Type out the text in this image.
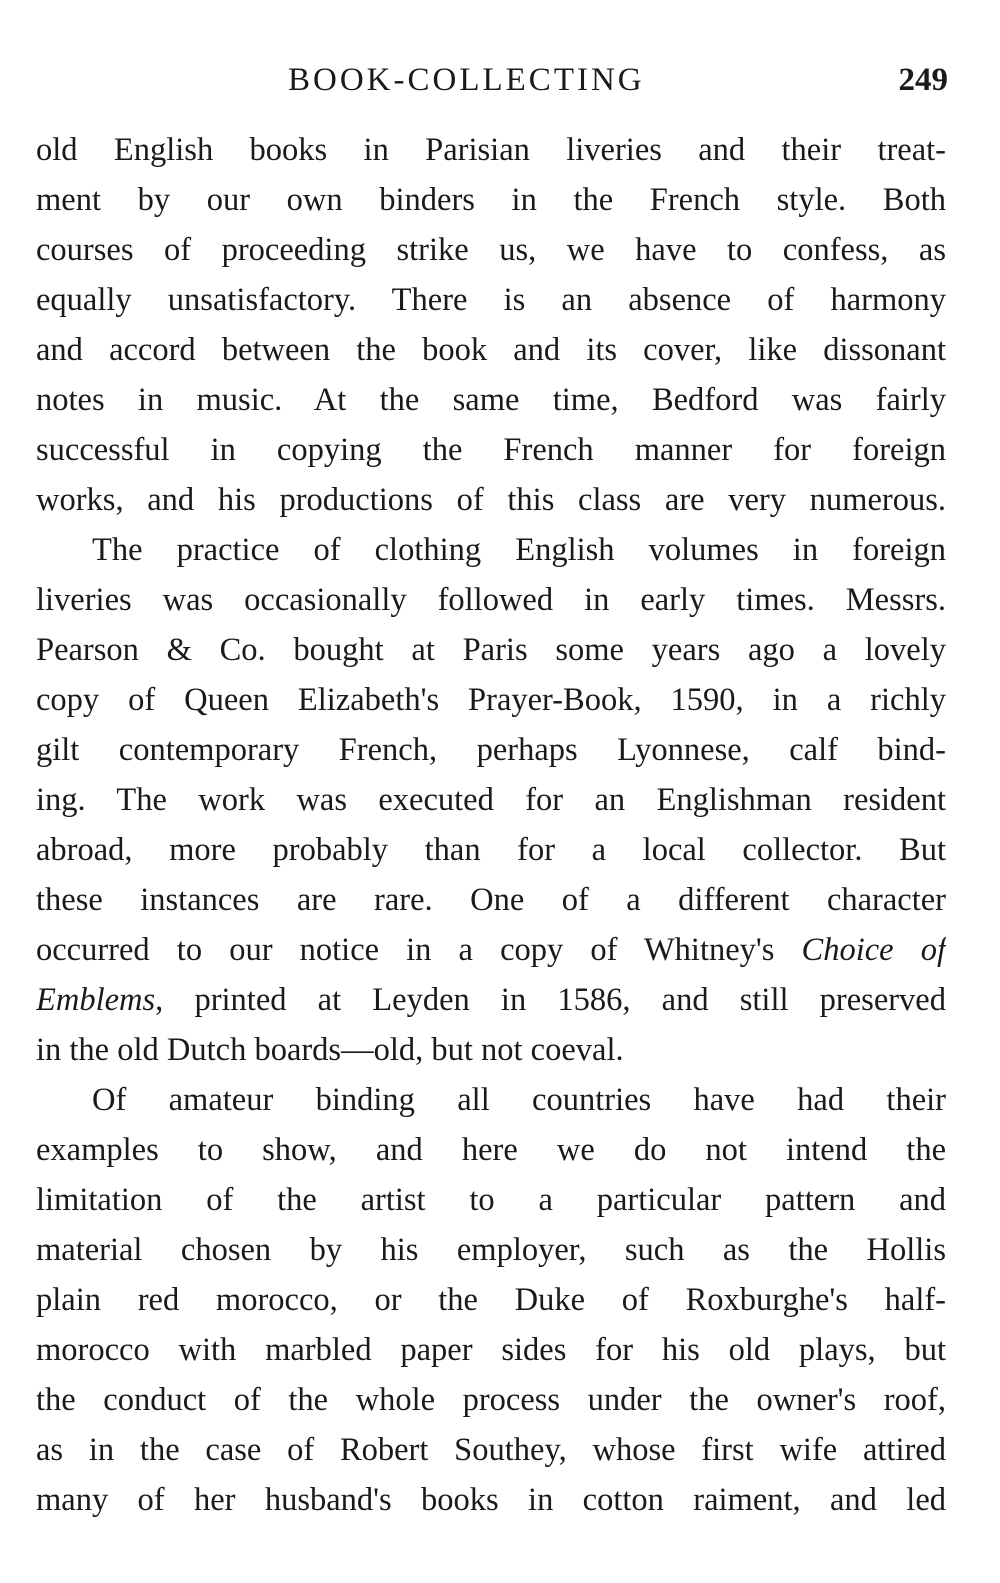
BOOK-COLLECTING	249
old English books in Parisian liveries and their treat-
ment by our own binders in the French style. Both
courses of proceeding strike us, we have to confess, as
equally unsatisfactory. There is an absence of harmony
and accord between the book and its cover, like dissonant
notes in music. At the same time, Bedford was fairly
successful in copying the French manner for foreign
works, and his productions of this class are very numerous.
The practice of clothing English volumes in foreign
liveries was occasionally followed in early times. Messrs.
Pearson & Co. bought at Paris some years ago a lovely
copy of Queen Elizabeth's Prayer-Book, 1590, in a richly
gilt contemporary French, perhaps Lyonnese, calf bind-
ing. The work was executed for an Englishman resident
abroad, more probably than for a local collector. But
these instances are rare. One of a different character
occurred to our notice in a copy of Whitney's Choice of
Emblems, printed at Leyden in 1586, and still preserved
in the old Dutch boards—old, but not coeval.
Of amateur binding all countries have had their
examples to show, and here we do not intend the
limitation of the artist to a particular pattern and
material chosen by his employer, such as the Hollis
plain red morocco, or the Duke of Roxburghe's half-
morocco with marbled paper sides for his old plays, but
the conduct of the whole process under the owner's roof,
as in the case of Robert Southey, whose first wife attired
many of her husband's books in cotton raiment, and led
